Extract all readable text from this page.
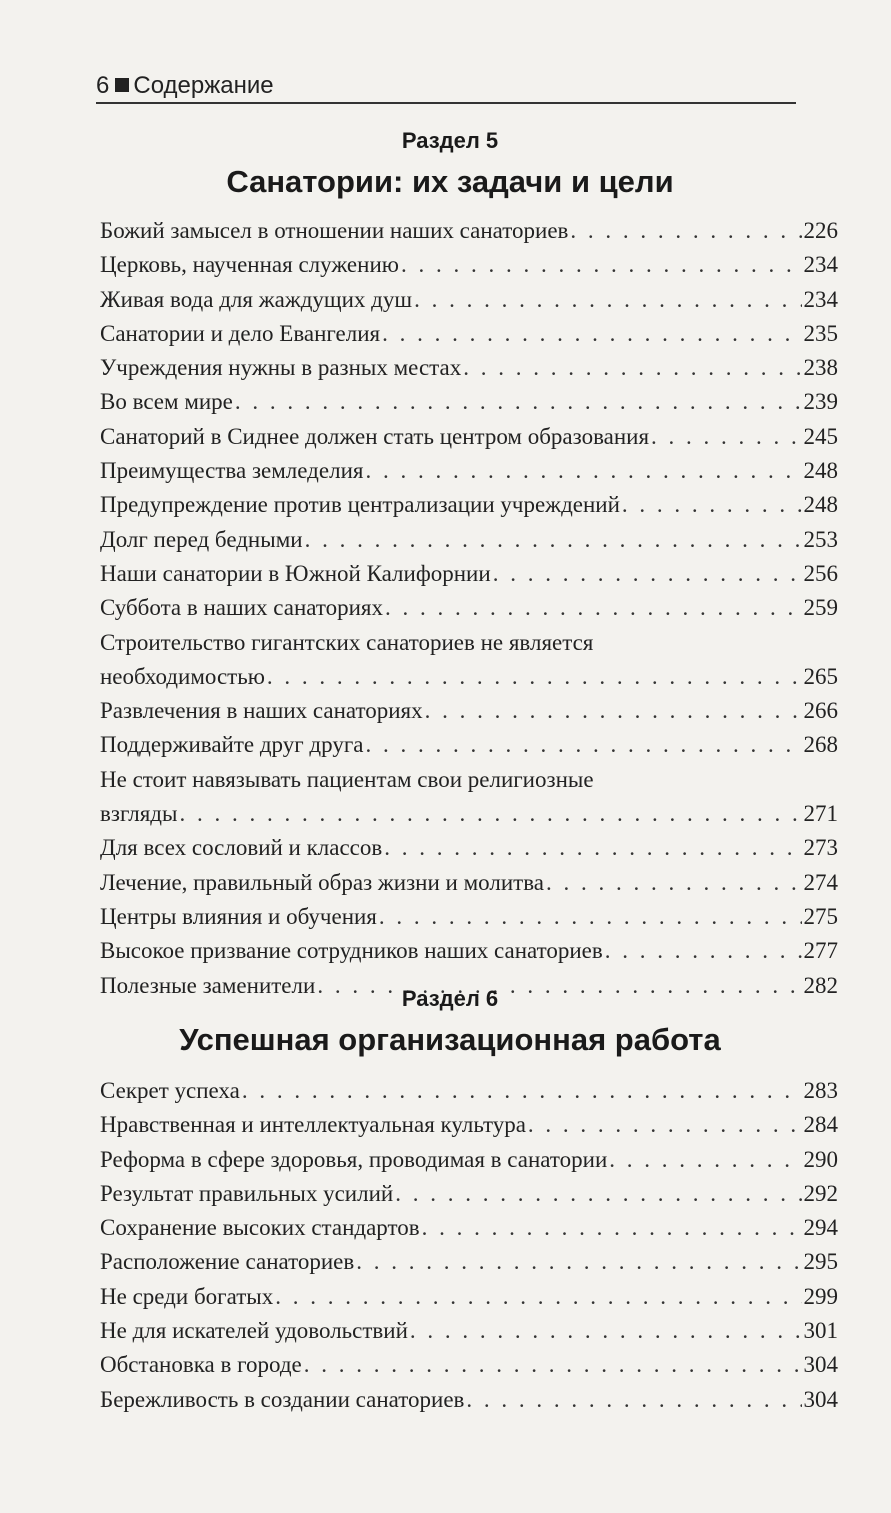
6 Содержание
Раздел 5
Санатории: их задачи и цели
Божий замысел в отношении наших санаториев . . .	226
Церковь, наученная служению . . .	234
Живая вода для жаждущих душ . . .	234
Санатории и дело Евангелия . . .	235
Учреждения нужны в разных местах . . .	238
Во всем мире . . .	239
Санаторий в Сиднее должен стать центром образования . . .	245
Преимущества земледелия . . .	248
Предупреждение против централизации учреждений . . .	248
Долг перед бедными . . .	253
Наши санатории в Южной Калифорнии . . .	256
Суббота в наших санаториях . . .	259
Строительство гигантских санаториев не является
необходимостью . . .	265
Развлечения в наших санаториях . . .	266
Поддерживайте друг друга . . .	268
Не стоит навязывать пациентам свои религиозные
взгляды . . .	271
Для всех сословий и классов . . .	273
Лечение, правильный образ жизни и молитва . . .	274
Центры влияния и обучения . . .	275
Высокое призвание сотрудников наших санаториев . . .	277
Полезные заменители . . .	282
Раздел 6
Успешная организационная работа
Секрет успеха . . .	283
Нравственная и интеллектуальная культура . . .	284
Реформа в сфере здоровья, проводимая в санатории . . .	290
Результат правильных усилий . . .	292
Сохранение высоких стандартов . . .	294
Расположение санаториев . . .	295
Не среди богатых . . .	299
Не для искателей удовольствий . . .	301
Обстановка в городе . . .	304
Бережливость в создании санаториев . . .	304
